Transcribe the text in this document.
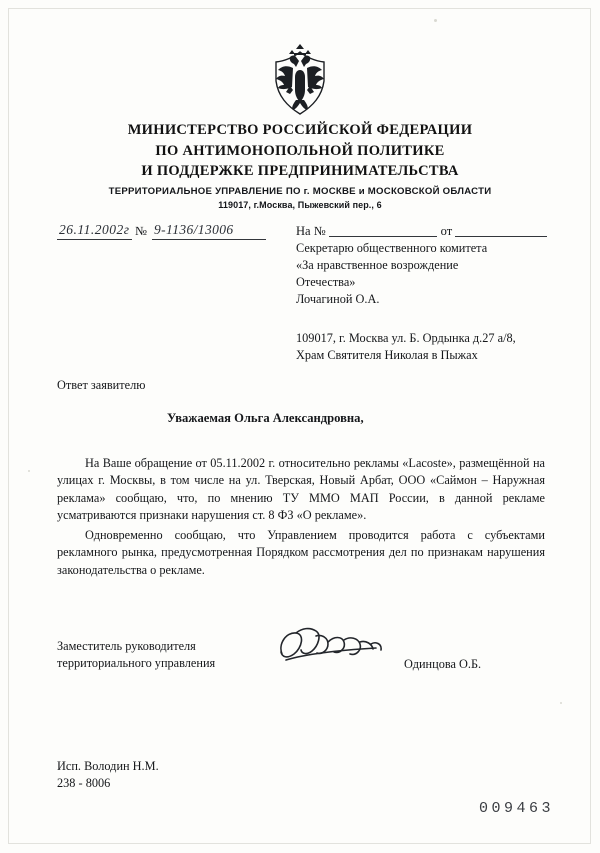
МИНИСТЕРСТВО РОССИЙСКОЙ ФЕДЕРАЦИИ
ПО АНТИМОНОПОЛЬНОЙ ПОЛИТИКЕ
И ПОДДЕРЖКЕ ПРЕДПРИНИМАТЕЛЬСТВА
ТЕРРИТОРИАЛЬНОЕ УПРАВЛЕНИЕ ПО г. МОСКВЕ и МОСКОВСКОЙ ОБЛАСТИ
119017, г.Москва, Пыжевский пер., 6
26.11.2002г № 9-1136/13006	На №	от
Секретарю общественного комитета
«За нравственное возрождение
Отечества»
Лочагиной О.А.
109017, г. Москва ул. Б. Ордынка д.27 а/8,
Храм Святителя Николая в Пыжах
Ответ заявителю
Уважаемая Ольга Александровна,

На Ваше обращение от 05.11.2002 г. относительно рекламы «Lacoste», размещённой на улицах г. Москвы, в том числе на ул. Тверская, Новый Арбат, ООО «Саймон – Наружная реклама» сообщаю, что, по мнению ТУ ММО МАП России, в данной рекламе усматриваются признаки нарушения ст. 8 ФЗ «О рекламе».

Одновременно сообщаю, что Управлением проводится работа с субъектами рекламного рынка, предусмотренная Порядком рассмотрения дел по признакам нарушения законодательства о рекламе.

Заместитель руководителя
территориального управления	Одинцова О.Б.
Исп. Володин Н.М.
238 - 8006
009463
